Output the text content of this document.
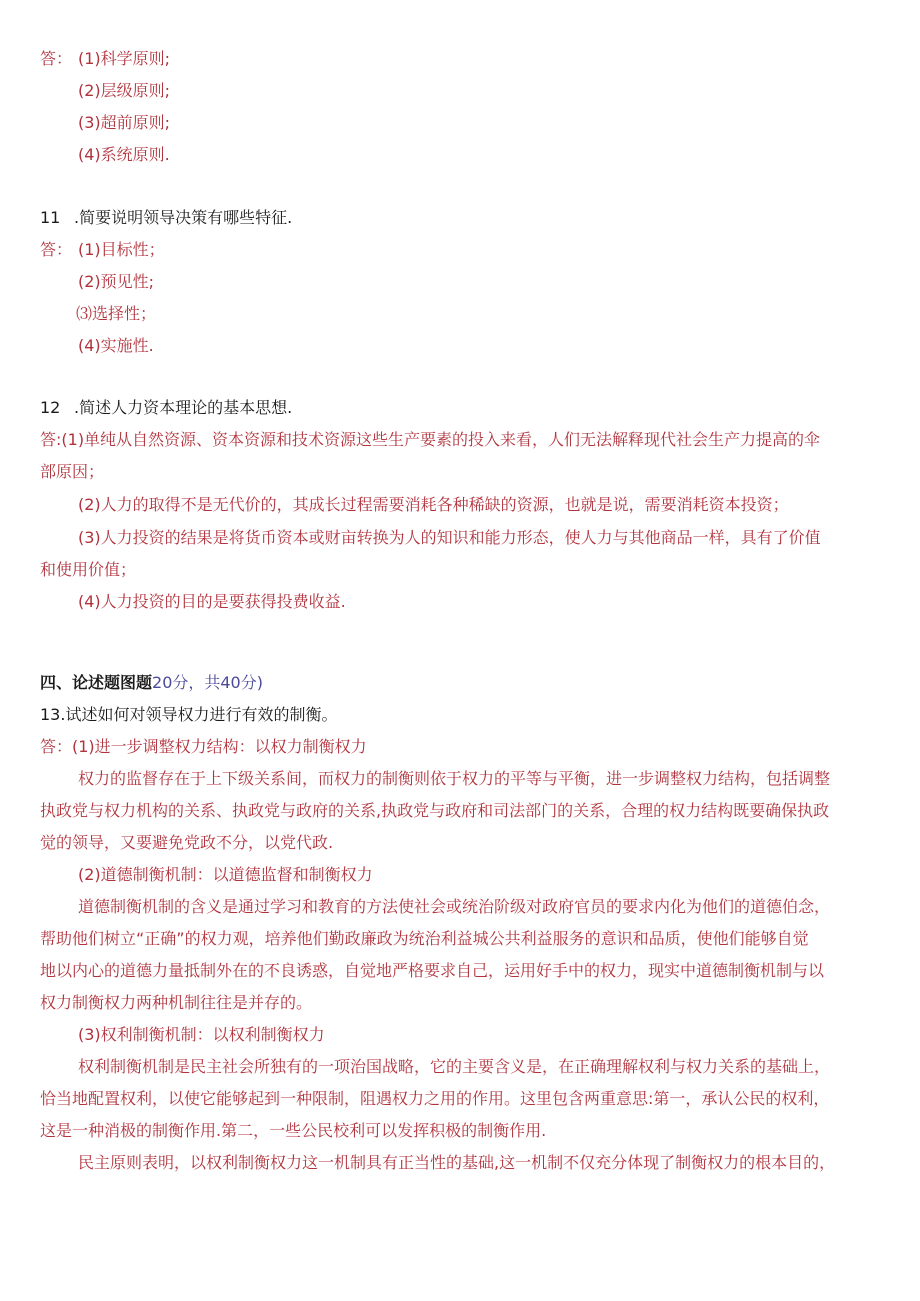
答： (1)科学原则;
(2)层级原则;
(3)超前原则;
(4)系统原则.
11 .简要说明领导决策有哪些特征.
答： (1)目标性；
(2)预见性;
⑶选择性；
(4)实施性.
12 .简述人力资本理论的基本思想.
答:(1)单纯从自然资源、资本资源和技术资源这些生产要素的投入来看，人们无法解释现代社会生产力提高的伞
部原因；
(2)人力的取得不是无代价的，其成长过程需要消耗各种稀缺的资源，也就是说，需要消耗资本投资；
(3)人力投资的结果是将货币资本或财亩转换为人的知识和能力形态，使人力与其他商品一样，具有了价值
和使用价值；
(4)人力投资的目的是要获得投费收益.
四、论述题图题20分，共40分)
13.试述如何对领导权力进行有效的制衡。
答：(1)进一步调整权力结构：以权力制衡权力
权力的监督存在于上下级关系间，而权力的制衡则依于权力的平等与平衡，进一步调整权力结构，包括调整
执政党与权力机构的关系、执政党与政府的关系,执政党与政府和司法部门的关系，合理的权力结构既要确保执政
觉的领导，又要避免党政不分，以党代政.
(2)道德制衡机制：以道德监督和制衡权力
道德制衡机制的含义是通过学习和教育的方法使社会或统治阶级对政府官员的要求内化为他们的道德伯念，
帮助他们树立“正确”的权力观，培养他们勤政廉政为统治利益城公共利益服务的意识和品质，使他们能够自觉
地以内心的道德力量抵制外在的不良诱惑，自觉地严格要求自己，运用好手中的权力，现实中道德制衡机制与以
权力制衡权力两种机制往往是并存的。
(3)权利制衡机制：以权利制衡权力
权利制衡机制是民主社会所独有的一项治国战略，它的主要含义是，在正确理解权利与权力关系的基础上，
恰当地配置权利，以使它能够起到一种限制，阻遇权力之用的作用。这里包含两重意思:第一，承认公民的权利，
这是一种消极的制衡作用.第二，一些公民校利可以发挥积极的制衡作用.
民主原则表明，以权利制衡权力这一机制具有正当性的基础,这一机制不仅充分体现了制衡权力的根本目的，
